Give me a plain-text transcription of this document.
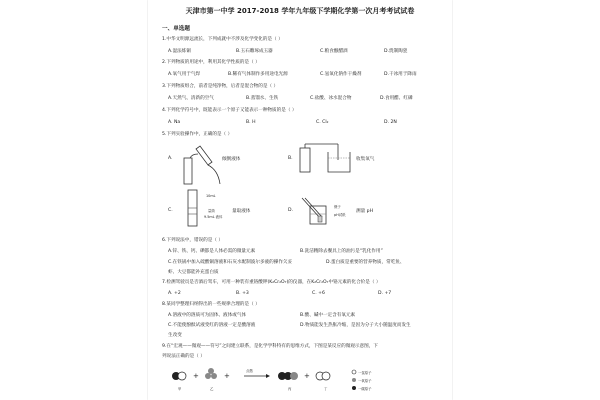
天津市第一中学 2017-2018 学年九年级下学期化学第一次月考考试试卷
一、单选题
1.中华文明源远流长，下列成就中不涉及化学变化的是（ ）
A.湿法炼铜	B.玉石雕琢成玉器	C.粮食酿醋酒	D.烧制陶瓷
2.下列物质的用途中，利用其化学性质的是（ ）
A.氧气用于气焊	B.稀有气体制作多用途电光源	C.氢氧化钠作干燥剂	D.干冰用于降雨
3.下列物质组合，前者是纯净物，后者是混合物的是（ ）
A.天然气、清新的空气	B.蒸馏水、生铁	C.盐酸、冰水混合物	D.食用醋、红磷
4.下列化学符号中，既能表示一个原子又能表示一种物质的是（ ）
A. Na	B. H	C. Cl₂	D. 2N
5.下列实验操作中，正确的是（ ）
A.	倾倒液体	B.	收集氧气
C.
10mL
量筒
9.5mL 液体
量取液体	D.
镊子
pH试纸
测量 pH
6.下列说法中，错误的是（ ）
A.锌、铁、钙、碘都是人体必需的微量元素	B.洗洁精除去餐具上的油污是“乳化作用”
C.在铁锅中加入硫酸铜溶液和石灰水配制波尔多液的操作欠妥	D.蛋白质是重要的营养物质，常吃鱼、
虾、大豆都能补充蛋白质
7.检测驾驶员是否酒后驾车，可用一种装有重铬酸钾(K₂Cr₂O₇)的仪器，在K₂Cr₂O₇中铬元素的化合价是（ ）
A. +2	B. +3	C. +6	D. +7
8.某同学整理归纳得出的一些规律合理的是（ ）
A.溶液中的溶质可为固体、液体或气体	B.酸、碱中一定含有氧元素
C.不能使酚酞试液变红的溶液一定是酸溶液	D.物质能发生热胀冷缩，是因为分子大小随温度而发生
生改变
9.在“宏观——微观——符号”之间建立联系，是化学学科特有的思维方式，下图是某反应的微观示意图，下
列说法正确的是（ ）
+	+	+
点燃
甲	乙	丙	丁
一氢原子
一氧原子
一碳原子
